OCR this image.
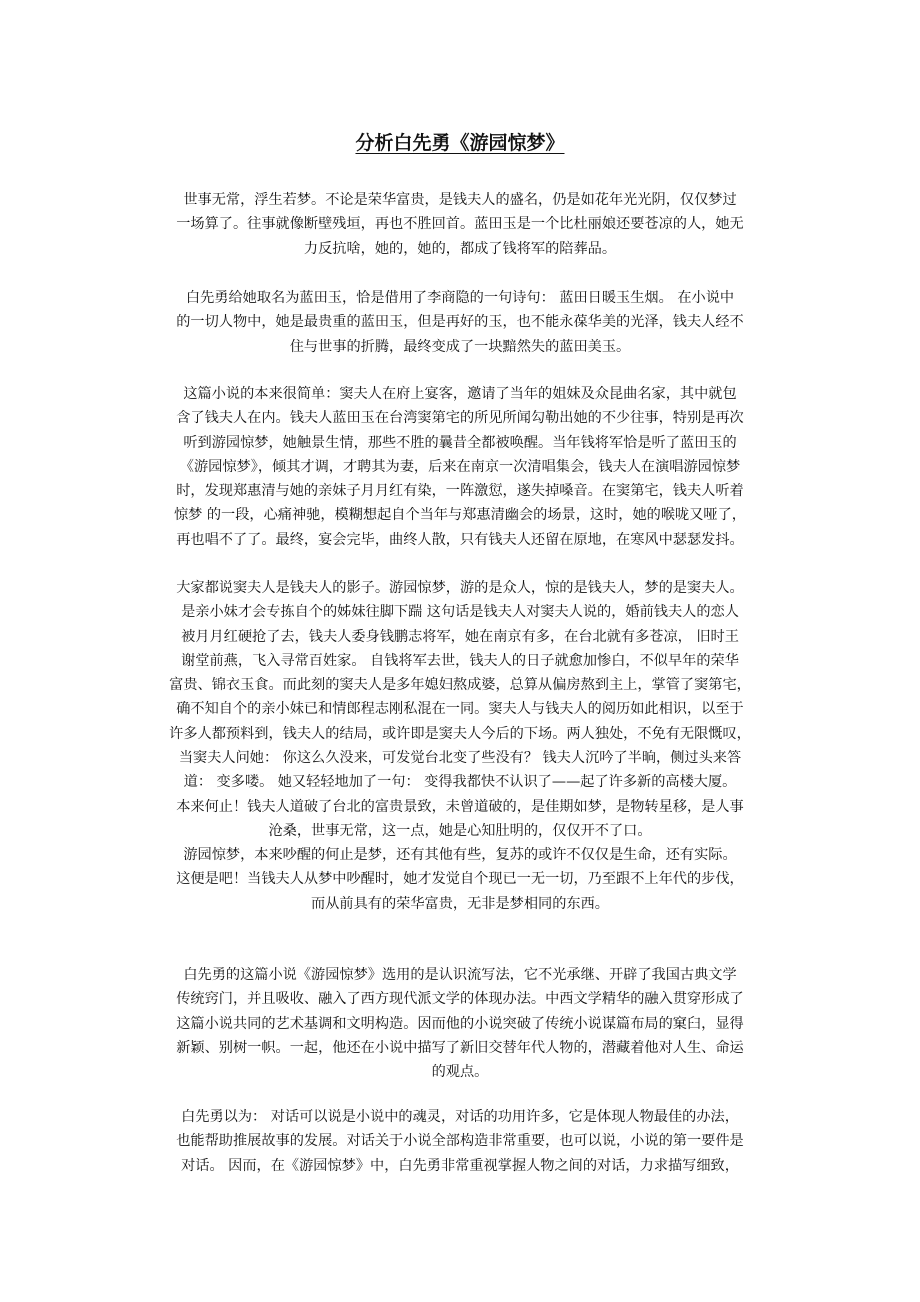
分析白先勇《游园惊梦》
世事无常，浮生若梦。不论是荣华富贵，是钱夫人的盛名，仍是如花年光光阴，仅仅梦过
一场算了。往事就像断壁残垣，再也不胜回首。蓝田玉是一个比杜丽娘还要苍凉的人，她无
力反抗啥，她的，她的，都成了钱将军的陪葬品。
白先勇给她取名为蓝田玉，恰是借用了李商隐的一句诗句： 蓝田日暖玉生烟。 在小说中
的一切人物中，她是最贵重的蓝田玉，但是再好的玉，也不能永葆华美的光泽，钱夫人经不
住与世事的折腾，最终变成了一块黯然失的蓝田美玉。
这篇小说的本来很简单：窦夫人在府上宴客，邀请了当年的姐妹及众昆曲名家，其中就包
含了钱夫人在内。钱夫人蓝田玉在台湾窦第宅的所见所闻勾勒出她的不少往事，特别是再次
听到游园惊梦，她触景生情，那些不胜的曩昔全都被唤醒。当年钱将军恰是听了蓝田玉的
《游园惊梦》，倾其才调，才聘其为妻，后来在南京一次清唱集会，钱夫人在演唱游园惊梦
时，发现郑惠清与她的亲妹子月月红有染，一阵激愆，遂失掉嗓音。在窦第宅，钱夫人听着
惊梦 的一段，心痛神驰，模糊想起自个当年与郑惠清幽会的场景，这时，她的喉咙又哑了，
再也唱不了了。最终，宴会完毕，曲终人散，只有钱夫人还留在原地，在寒风中瑟瑟发抖。
大家都说窦夫人是钱夫人的影子。游园惊梦，游的是众人，惊的是钱夫人，梦的是窦夫人。
是亲小妹才会专拣自个的姊妹往脚下踹 这句话是钱夫人对窦夫人说的，婚前钱夫人的恋人
被月月红硬抢了去，钱夫人委身钱鹏志将军，她在南京有多，在台北就有多苍凉， 旧时王
谢堂前燕，飞入寻常百姓家。 自钱将军去世，钱夫人的日子就愈加惨白，不似早年的荣华
富贵、锦衣玉食。而此刻的窦夫人是多年媳妇熬成婆，总算从偏房熬到主上，掌管了窦第宅，
确不知自个的亲小妹已和情郎程志刚私混在一同。窦夫人与钱夫人的阅历如此相识，以至于
许多人都预料到，钱夫人的结局，或许即是窦夫人今后的下场。两人独处，不免有无限慨叹，
当窦夫人问她： 你这么久没来，可发觉台北变了些没有？ 钱夫人沉吟了半晌，侧过头来答
道： 变多喽。 她又轻轻地加了一句： 变得我都快不认识了——起了许多新的高楼大厦。
本来何止！钱夫人道破了台北的富贵景致，未曾道破的，是佳期如梦，是物转星移，是人事
沧桑，世事无常，这一点，她是心知肚明的，仅仅开不了口。
游园惊梦，本来吵醒的何止是梦，还有其他有些，复苏的或许不仅仅是生命，还有实际。
这便是吧！当钱夫人从梦中吵醒时，她才发觉自个现已一无一切，乃至跟不上年代的步伐，
而从前具有的荣华富贵，无非是梦相同的东西。
白先勇的这篇小说《游园惊梦》选用的是认识流写法，它不光承继、开辟了我国古典文学
传统窍门，并且吸收、融入了西方现代派文学的体现办法。中西文学精华的融入贯穿形成了
这篇小说共同的艺术基调和文明构造。因而他的小说突破了传统小说谋篇布局的窠臼，显得
新颖、别树一帜。一起，他还在小说中描写了新旧交替年代人物的，潜藏着他对人生、命运
的观点。
白先勇以为： 对话可以说是小说中的魂灵，对话的功用许多，它是体现人物最佳的办法，
也能帮助推展故事的发展。对话关于小说全部构造非常重要，也可以说，小说的第一要件是
对话。 因而，在《游园惊梦》中，白先勇非常重视掌握人物之间的对话，力求描写细致，
